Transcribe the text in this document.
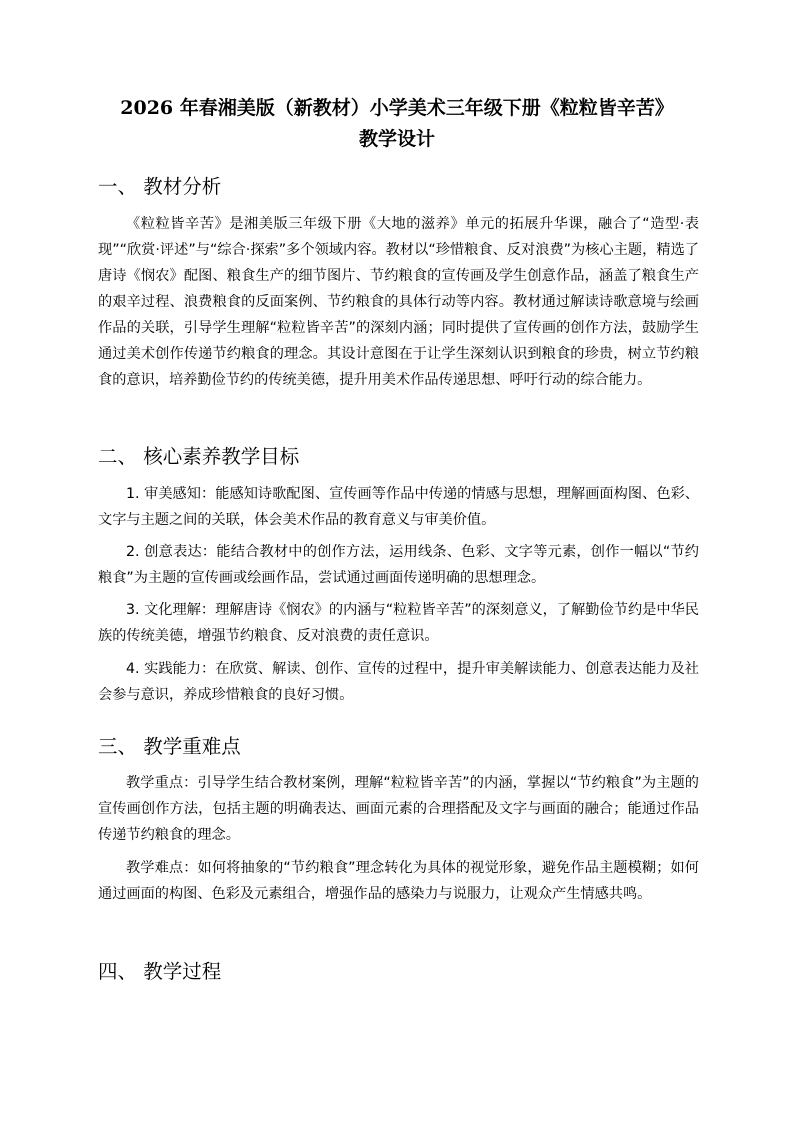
2026 年春湘美版（新教材）小学美术三年级下册《粒粒皆辛苦》
教学设计
一、 教材分析
《粒粒皆辛苦》是湘美版三年级下册《大地的滋养》单元的拓展升华课，融合了“造型·表现”“欣赏·评述”与“综合·探索”多个领域内容。教材以“珍惜粮食、反对浪费”为核心主题，精选了唐诗《悯农》配图、粮食生产的细节图片、节约粮食的宣传画及学生创意作品，涵盖了粮食生产的艰辛过程、浪费粮食的反面案例、节约粮食的具体行动等内容。教材通过解读诗歌意境与绘画作品的关联，引导学生理解“粒粒皆辛苦”的深刻内涵；同时提供了宣传画的创作方法，鼓励学生通过美术创作传递节约粮食的理念。其设计意图在于让学生深刻认识到粮食的珍贵，树立节约粮食的意识，培养勤俭节约的传统美德，提升用美术作品传递思想、呼吁行动的综合能力。
二、 核心素养教学目标
1. 审美感知：能感知诗歌配图、宣传画等作品中传递的情感与思想，理解画面构图、色彩、文字与主题之间的关联，体会美术作品的教育意义与审美价值。
2. 创意表达：能结合教材中的创作方法，运用线条、色彩、文字等元素，创作一幅以“节约粮食”为主题的宣传画或绘画作品，尝试通过画面传递明确的思想理念。
3. 文化理解：理解唐诗《悯农》的内涵与“粒粒皆辛苦”的深刻意义，了解勤俭节约是中华民族的传统美德，增强节约粮食、反对浪费的责任意识。
4. 实践能力：在欣赏、解读、创作、宣传的过程中，提升审美解读能力、创意表达能力及社会参与意识，养成珍惜粮食的良好习惯。
三、 教学重难点
教学重点：引导学生结合教材案例，理解“粒粒皆辛苦”的内涵，掌握以“节约粮食”为主题的宣传画创作方法，包括主题的明确表达、画面元素的合理搭配及文字与画面的融合；能通过作品传递节约粮食的理念。
教学难点：如何将抽象的“节约粮食”理念转化为具体的视觉形象，避免作品主题模糊；如何通过画面的构图、色彩及元素组合，增强作品的感染力与说服力，让观众产生情感共鸣。
四、 教学过程
